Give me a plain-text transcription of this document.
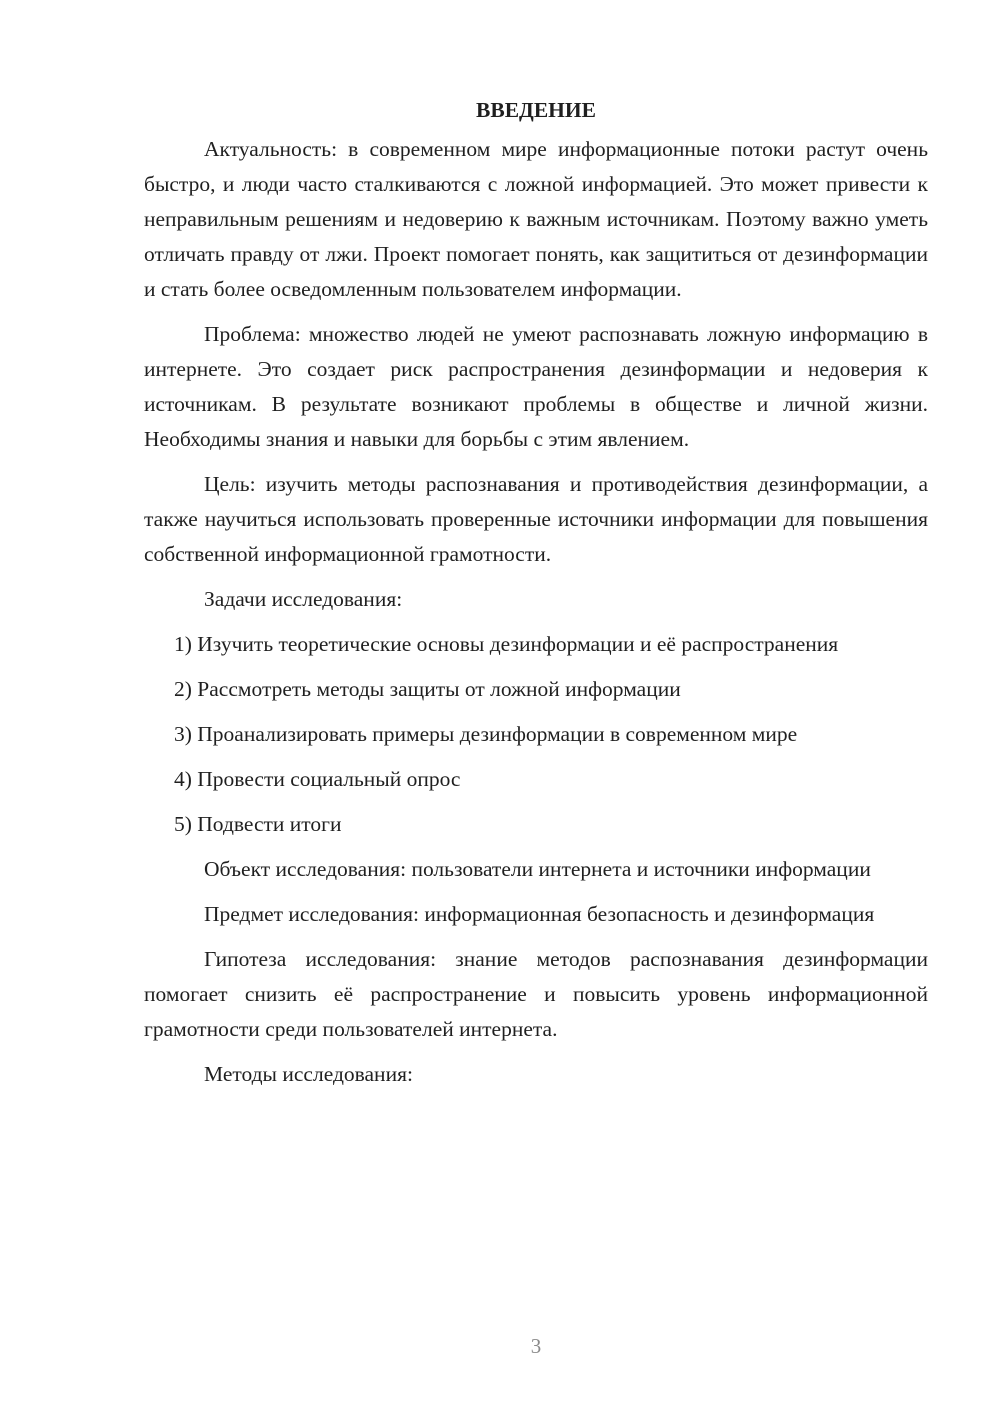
ВВЕДЕНИЕ

Актуальность: в современном мире информационные потоки растут очень быстро, и люди часто сталкиваются с ложной информацией. Это может привести к неправильным решениям и недоверию к важным источникам. Поэтому важно уметь отличать правду от лжи. Проект помогает понять, как защититься от дезинформации и стать более осведомленным пользователем информации.

Проблема: множество людей не умеют распознавать ложную информацию в интернете. Это создает риск распространения дезинформации и недоверия к источникам. В результате возникают проблемы в обществе и личной жизни. Необходимы знания и навыки для борьбы с этим явлением.

Цель: изучить методы распознавания и противодействия дезинформации, а также научиться использовать проверенные источники информации для повышения собственной информационной грамотности.

Задачи исследования:

1) Изучить теоретические основы дезинформации и её распространения

2) Рассмотреть методы защиты от ложной информации

3) Проанализировать примеры дезинформации в современном мире

4) Провести социальный опрос

5) Подвести итоги

Объект исследования: пользователи интернета и источники информации

Предмет исследования: информационная безопасность и дезинформация

Гипотеза исследования: знание методов распознавания дезинформации помогает снизить её распространение и повысить уровень информационной грамотности среди пользователей интернета.

Методы исследования:

3
